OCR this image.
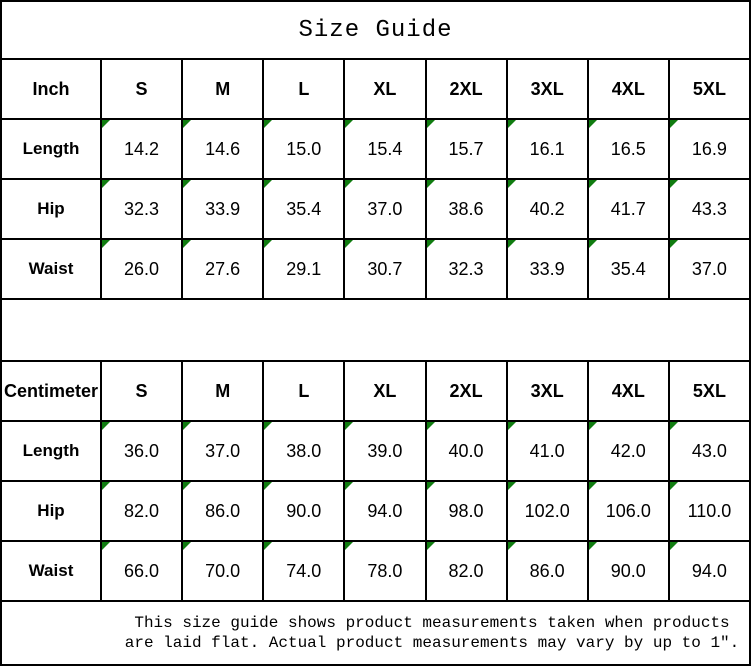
Size Guide								
Inch	S	M	L	XL	2XL	3XL	4XL	5XL
Length	14.2	14.6	15.0	15.4	15.7	16.1	16.5	16.9
Hip	32.3	33.9	35.4	37.0	38.6	40.2	41.7	43.3
Waist	26.0	27.6	29.1	30.7	32.3	33.9	35.4	37.0

Centimeter	S	M	L	XL	2XL	3XL	4XL	5XL
Length	36.0	37.0	38.0	39.0	40.0	41.0	42.0	43.0
Hip	82.0	86.0	90.0	94.0	98.0	102.0	106.0	110.0
Waist	66.0	70.0	74.0	78.0	82.0	86.0	90.0	94.0

This size guide shows product measurements taken when products
are laid flat. Actual product measurements may vary by up to 1″.								
